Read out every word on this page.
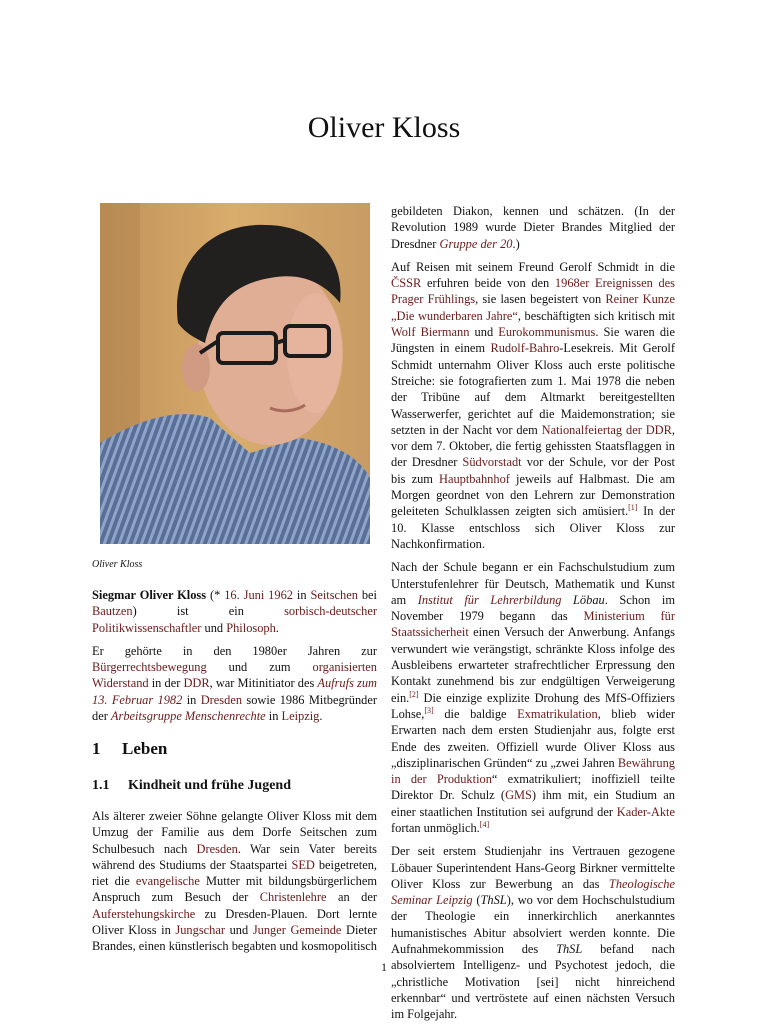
Oliver Kloss
Oliver Kloss

Siegmar Oliver Kloss (* 16. Juni 1962 in Seitschen bei Bautzen) ist ein sorbisch-deutscher Politikwissenschaftler und Philosoph.

Er gehörte in den 1980er Jahren zur Bürgerrechtsbewegung und zum organisierten Widerstand in der DDR, war Mitinitiator des Aufrufs zum 13. Februar 1982 in Dresden sowie 1986 Mitbegründer der Arbeitsgruppe Menschenrechte in Leipzig.

1 Leben
1.1 Kindheit und frühe Jugend

Als älterer zweier Söhne gelangte Oliver Kloss mit dem Umzug der Familie aus dem Dorfe Seitschen zum Schulbesuch nach Dresden. War sein Vater bereits während des Studiums der Staatspartei SED beigetreten, riet die evangelische Mutter mit bildungsbürgerlichem Anspruch zum Besuch der Christenlehre an der Auferstehungskirche zu Dresden-Plauen. Dort lernte Oliver Kloss in Jungschar und Junger Gemeinde Dieter Brandes, einen künstlerisch begabten und kosmopolitisch

gebildeten Diakon, kennen und schätzen. (In der Revolution 1989 wurde Dieter Brandes Mitglied der Dresdner Gruppe der 20.)

Auf Reisen mit seinem Freund Gerolf Schmidt in die ČSSR erfuhren beide von den 1968er Ereignissen des Prager Frühlings, sie lasen begeistert von Reiner Kunze „Die wunderbaren Jahre“, beschäftigten sich kritisch mit Wolf Biermann und Eurokommunismus. Sie waren die Jüngsten in einem Rudolf-Bahro-Lesekreis. Mit Gerolf Schmidt unternahm Oliver Kloss auch erste politische Streiche: sie fotografierten zum 1. Mai 1978 die neben der Tribüne auf dem Altmarkt bereitgestellten Wasserwerfer, gerichtet auf die Maidemonstration; sie setzten in der Nacht vor dem Nationalfeiertag der DDR, vor dem 7. Oktober, die fertig gehissten Staatsflaggen in der Dresdner Südvorstadt vor der Schule, vor der Post bis zum Hauptbahnhof jeweils auf Halbmast. Die am Morgen geordnet von den Lehrern zur Demonstration geleiteten Schulklassen zeigten sich amüsiert.[1] In der 10. Klasse entschloss sich Oliver Kloss zur Nachkonfirmation.

Nach der Schule begann er ein Fachschulstudium zum Unterstufenlehrer für Deutsch, Mathematik und Kunst am Institut für Lehrerbildung Löbau. Schon im November 1979 begann das Ministerium für Staatssicherheit einen Versuch der Anwerbung. Anfangs verwundert wie verängstigt, schränkte Kloss infolge des Ausbleibens erwarteter strafrechtlicher Erpressung den Kontakt zunehmend bis zur endgültigen Verweigerung ein.[2] Die einzige explizite Drohung des MfS-Offiziers Lohse,[3] die baldige Exmatrikulation, blieb wider Erwarten nach dem ersten Studienjahr aus, folgte erst Ende des zweiten. Offiziell wurde Oliver Kloss aus „disziplinarischen Gründen“ zu „zwei Jahren Bewährung in der Produktion“ exmatrikuliert; inoffiziell teilte Direktor Dr. Schulz (GMS) ihm mit, ein Studium an einer staatlichen Institution sei aufgrund der Kader-Akte fortan unmöglich.[4]

Der seit erstem Studienjahr ins Vertrauen gezogene Löbauer Superintendent Hans-Georg Birkner vermittelte Oliver Kloss zur Bewerbung an das Theologische Seminar Leipzig (ThSL), wo vor dem Hochschulstudium der Theologie ein innerkirchlich anerkanntes humanistisches Abitur absolviert werden konnte. Die Aufnahmekommission des ThSL befand nach absolviertem Intelligenz- und Psychotest jedoch, die „christliche Motivation [sei] nicht hinreichend erkennbar“ und vertröstete auf einen nächsten Versuch im Folgejahr.

1
